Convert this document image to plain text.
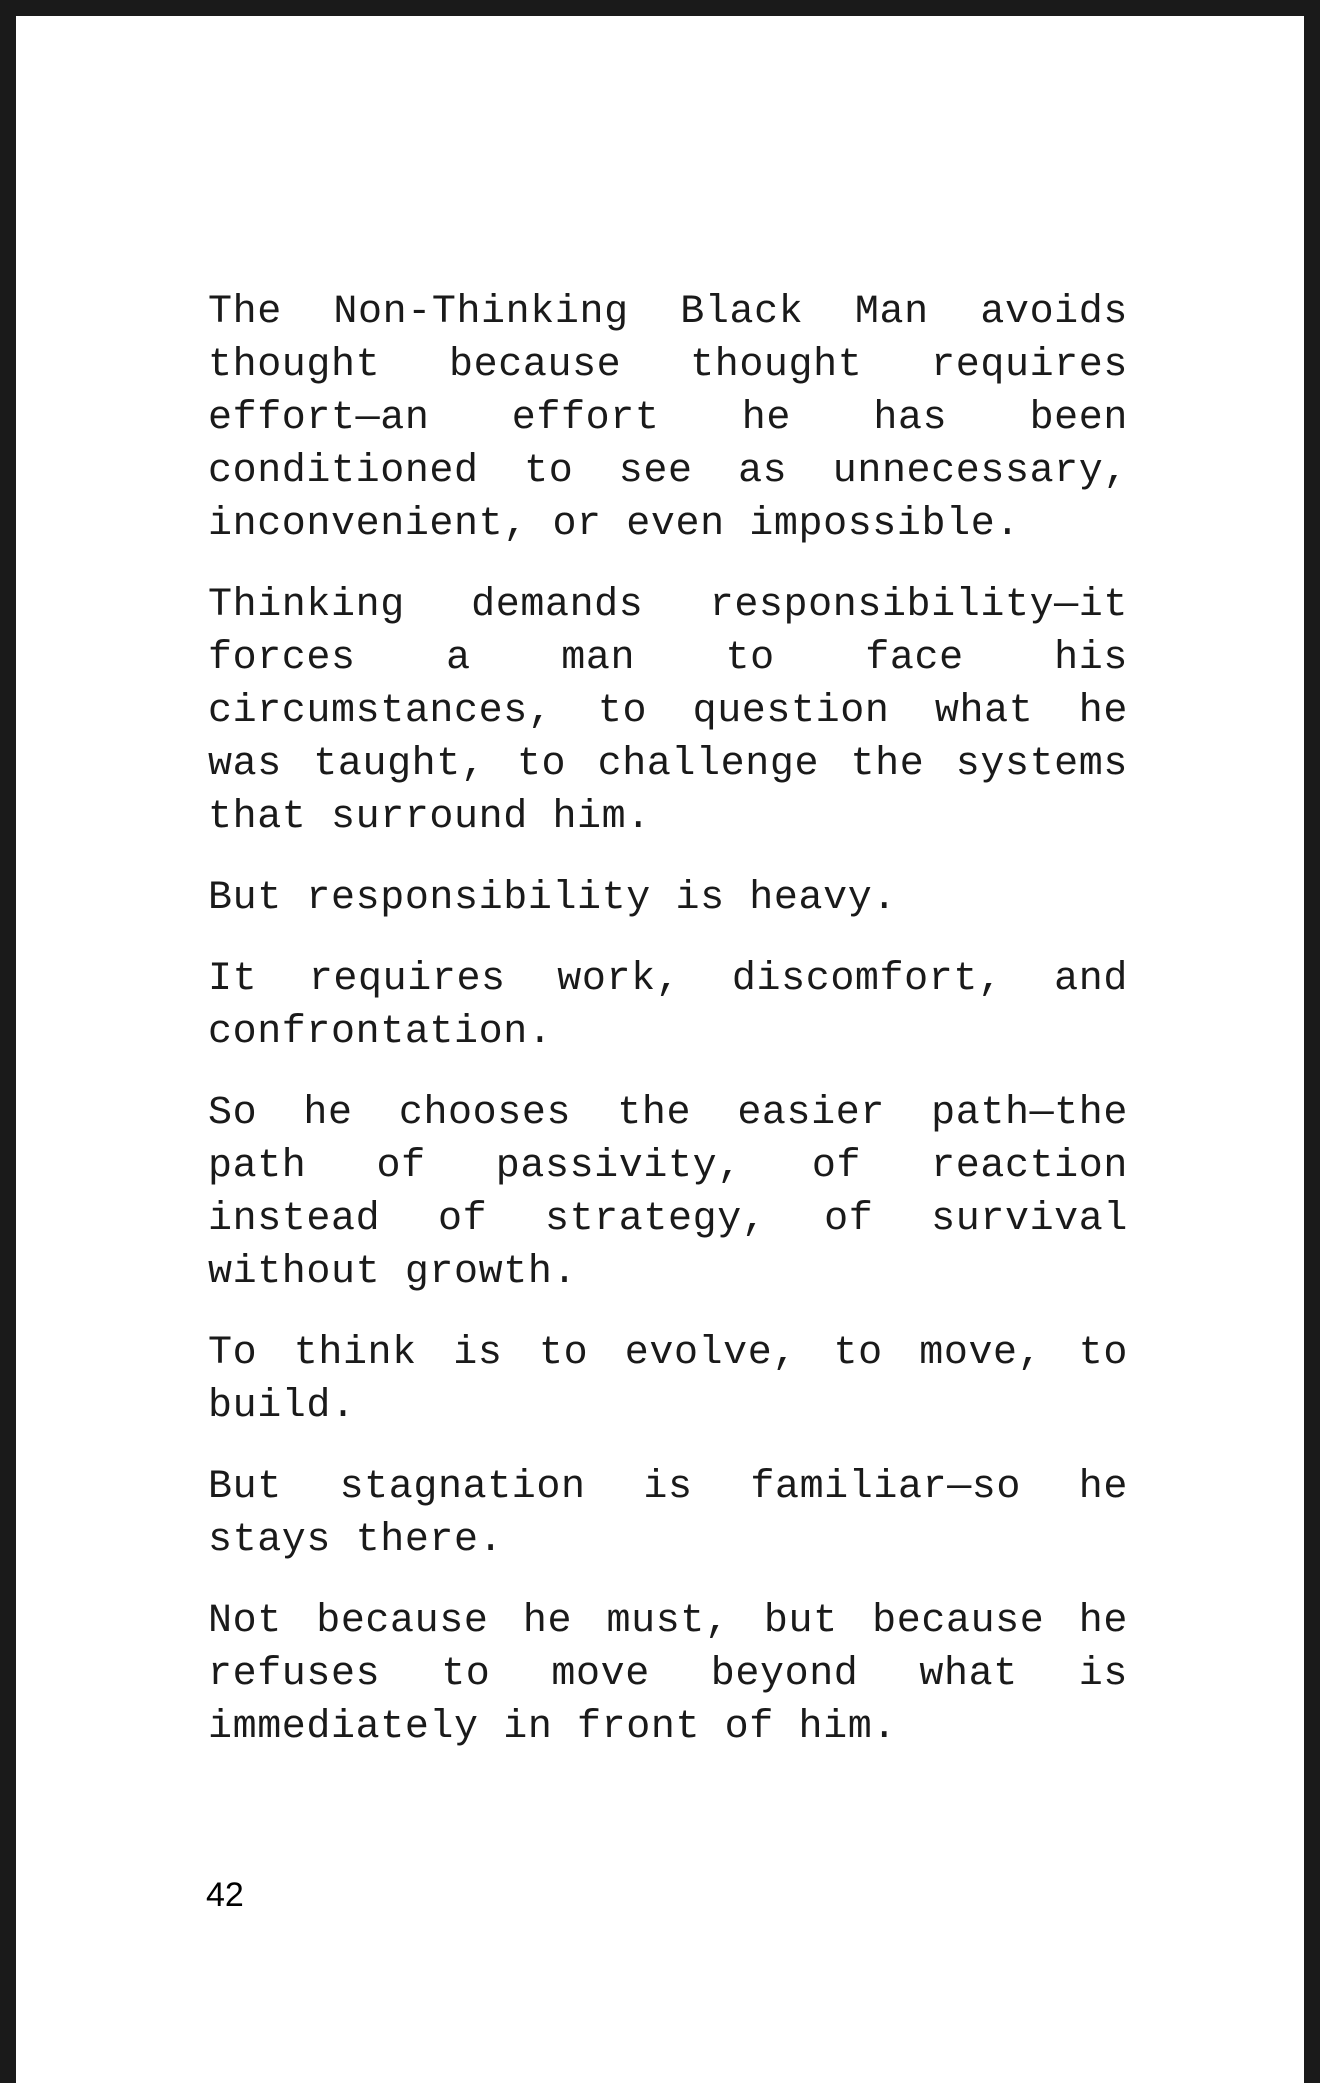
The Non-Thinking Black Man avoids thought because thought requires effort—an effort he has been conditioned to see as unnecessary, inconvenient, or even impossible.

Thinking demands responsibility—it forces a man to face his circumstances, to question what he was taught, to challenge the systems that surround him.

But responsibility is heavy.

It requires work, discomfort, and confrontation.

So he chooses the easier path—the path of passivity, of reaction instead of strategy, of survival without growth.

To think is to evolve, to move, to build.

But stagnation is familiar—so he stays there.

Not because he must, but because he refuses to move beyond what is immediately in front of him.

42
